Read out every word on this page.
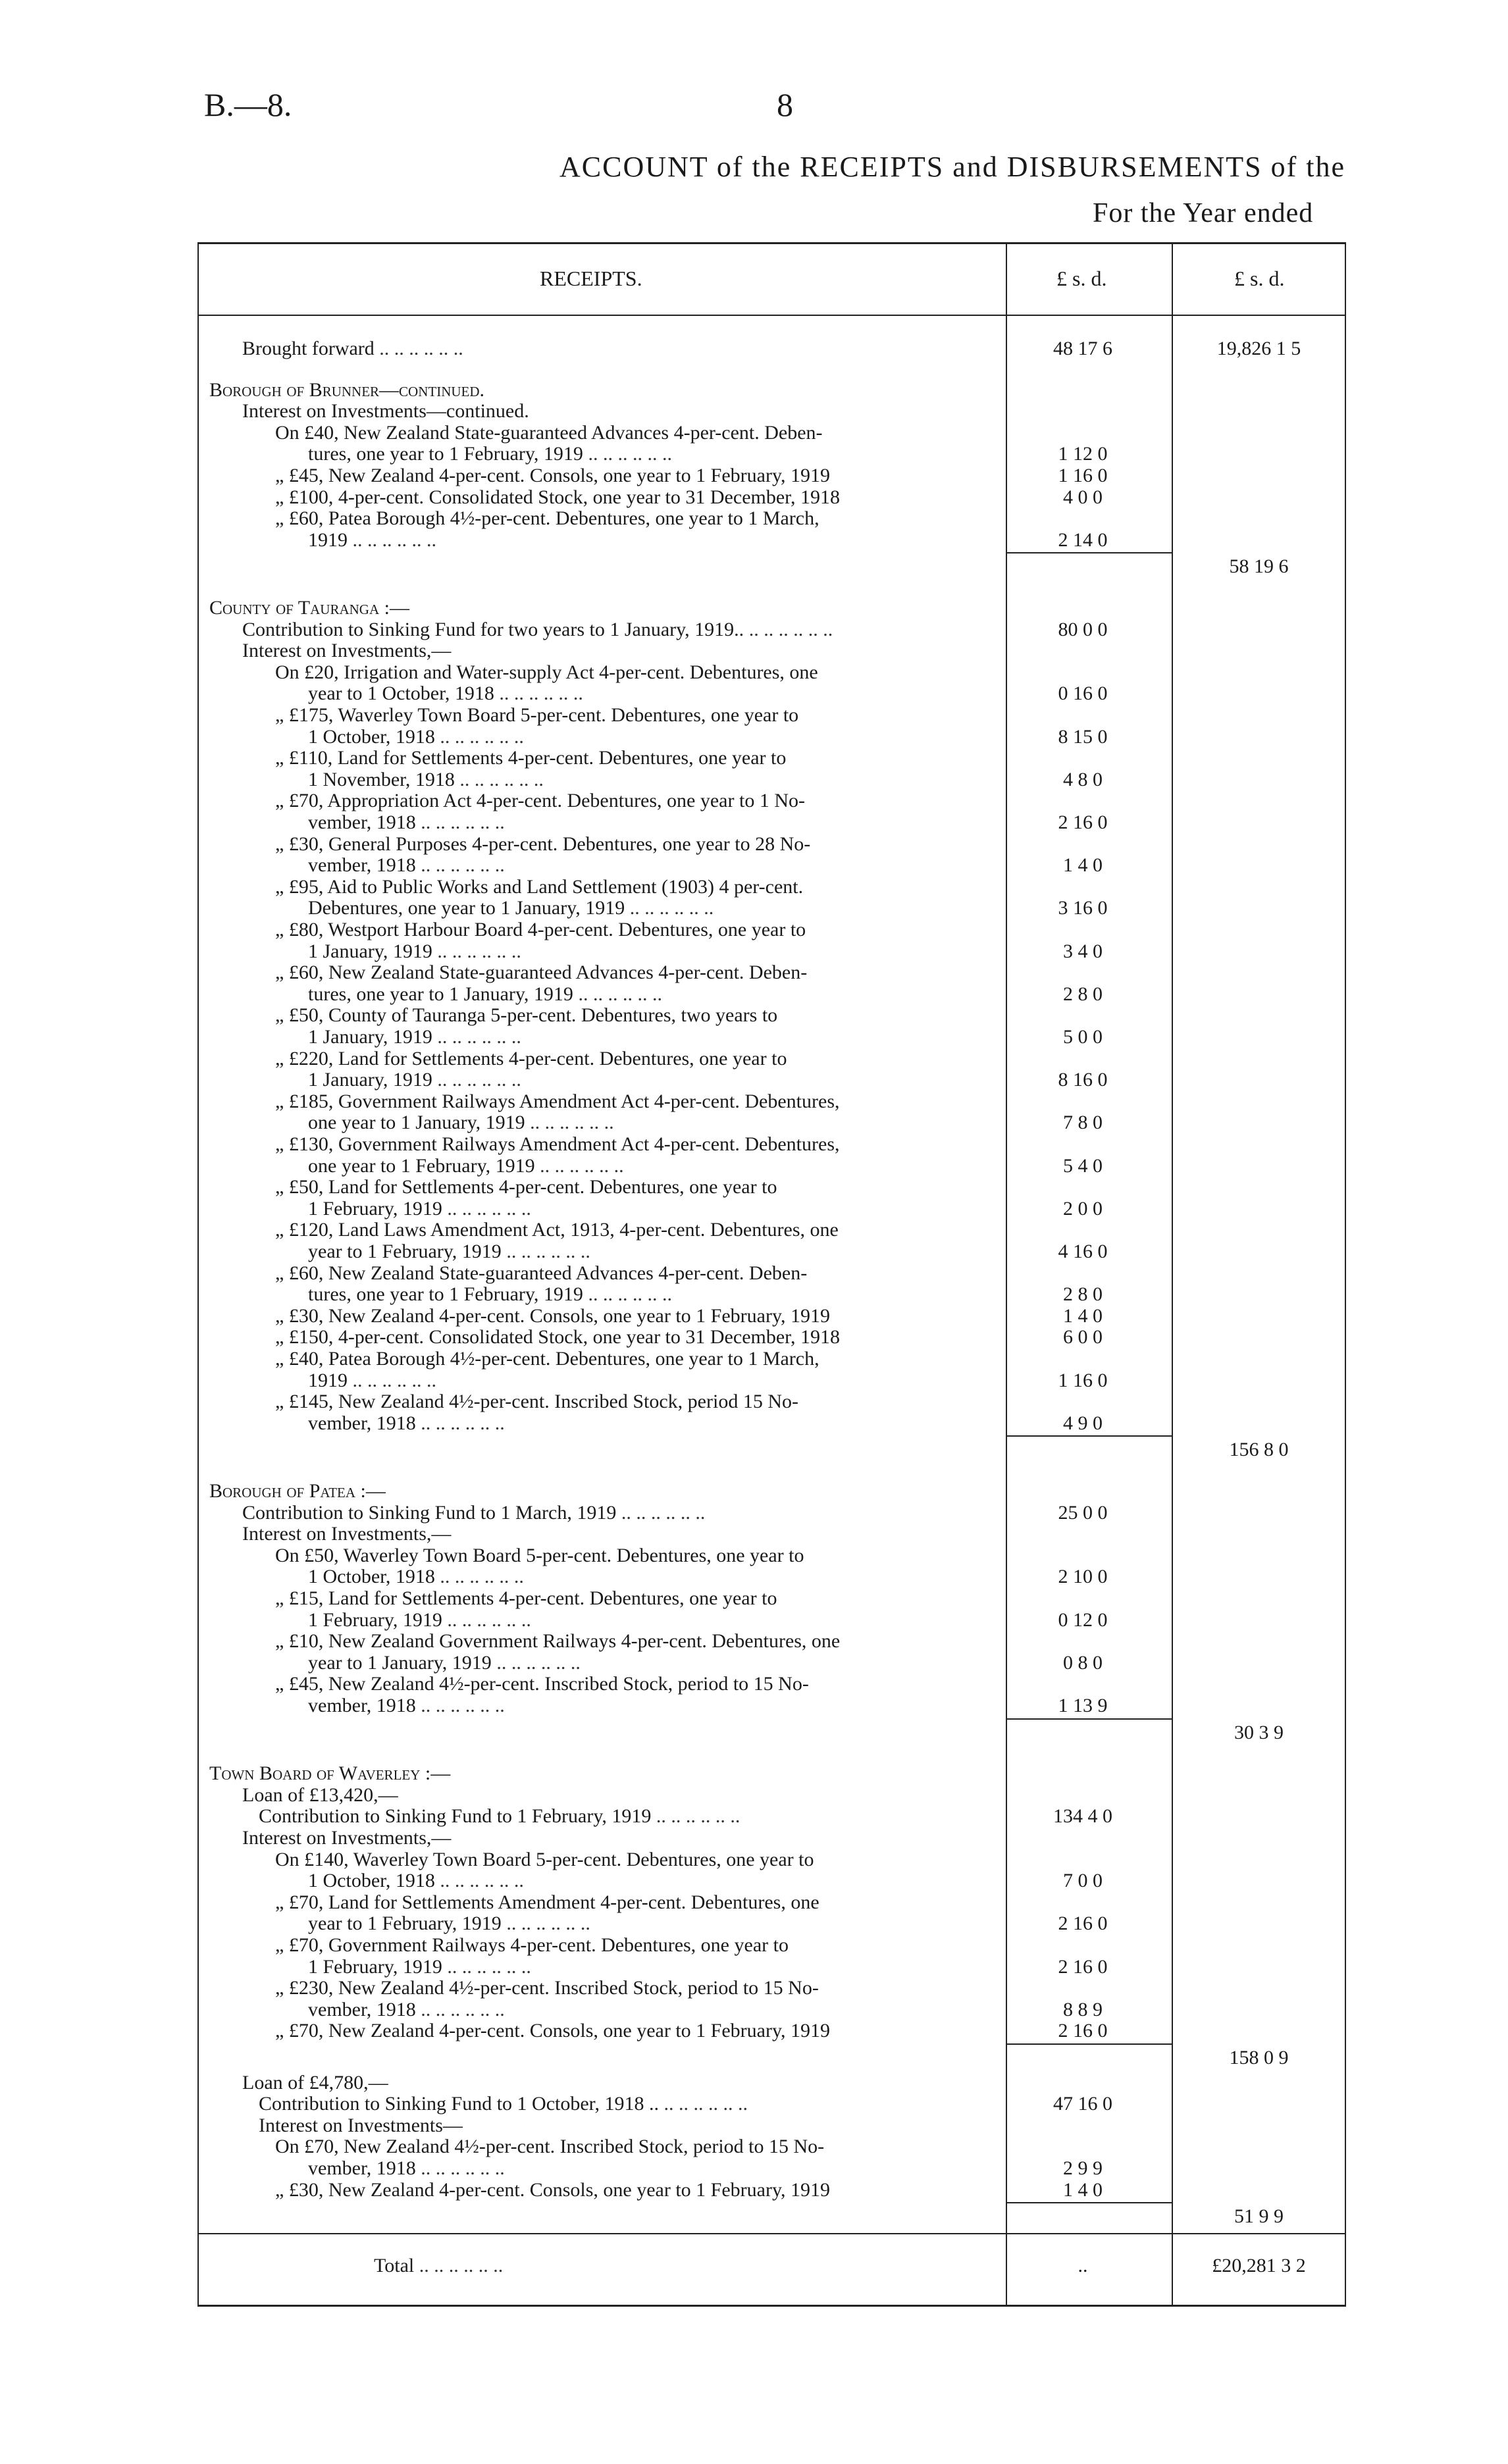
B.—8.	8
ACCOUNT of the RECEIPTS and DISBURSEMENTS of the
For the Year ended
RECEIPTS.	£ s. d.	£ s. d.
Brought forward ..	48 17 6	19,826 1 5
Borough of Brunner—continued.
Interest on Investments—continued.
On £40, New Zealand State-guaranteed Advances 4-per-cent. Deben-
tures, one year to 1 February, 1919 ..	1 12 0
„ £45, New Zealand 4-per-cent. Consols, one year to 1 February, 1919	1 16 0
„ £100, 4-per-cent. Consolidated Stock, one year to 31 December, 1918	4 0 0
„ £60, Patea Borough 4½-per-cent. Debentures, one year to 1 March,
1919 ..	2 14 0
58 19 6
County of Tauranga :—
Contribution to Sinking Fund for two years to 1 January, 1919.. ..	80 0 0
Interest on Investments,—
On £20, Irrigation and Water-supply Act 4-per-cent. Debentures, one
year to 1 October, 1918 ..	0 16 0
„ £175, Waverley Town Board 5-per-cent. Debentures, one year to
1 October, 1918 ..	8 15 0
„ £110, Land for Settlements 4-per-cent. Debentures, one year to
1 November, 1918 ..	4 8 0
„ £70, Appropriation Act 4-per-cent. Debentures, one year to 1 No-
vember, 1918 ..	2 16 0
„ £30, General Purposes 4-per-cent. Debentures, one year to 28 No-
vember, 1918 ..	1 4 0
„ £95, Aid to Public Works and Land Settlement (1903) 4 per-cent.
Debentures, one year to 1 January, 1919 ..	3 16 0
„ £80, Westport Harbour Board 4-per-cent. Debentures, one year to
1 January, 1919 ..	3 4 0
„ £60, New Zealand State-guaranteed Advances 4-per-cent. Deben-
tures, one year to 1 January, 1919 ..	2 8 0
„ £50, County of Tauranga 5-per-cent. Debentures, two years to
1 January, 1919 ..	5 0 0
„ £220, Land for Settlements 4-per-cent. Debentures, one year to
1 January, 1919 ..	8 16 0
„ £185, Government Railways Amendment Act 4-per-cent. Debentures,
one year to 1 January, 1919 ..	7 8 0
„ £130, Government Railways Amendment Act 4-per-cent. Debentures,
one year to 1 February, 1919 ..	5 4 0
„ £50, Land for Settlements 4-per-cent. Debentures, one year to
1 February, 1919 ..	2 0 0
„ £120, Land Laws Amendment Act, 1913, 4-per-cent. Debentures, one
year to 1 February, 1919 ..	4 16 0
„ £60, New Zealand State-guaranteed Advances 4-per-cent. Deben-
tures, one year to 1 February, 1919 ..	2 8 0
„ £30, New Zealand 4-per-cent. Consols, one year to 1 February, 1919	1 4 0
„ £150, 4-per-cent. Consolidated Stock, one year to 31 December, 1918	6 0 0
„ £40, Patea Borough 4½-per-cent. Debentures, one year to 1 March,
1919 ..	1 16 0
„ £145, New Zealand 4½-per-cent. Inscribed Stock, period 15 No-
vember, 1918 ..	4 9 0
156 8 0
Borough of Patea :—
Contribution to Sinking Fund to 1 March, 1919 ..	25 0 0
Interest on Investments,—
On £50, Waverley Town Board 5-per-cent. Debentures, one year to
1 October, 1918 ..	2 10 0
„ £15, Land for Settlements 4-per-cent. Debentures, one year to
1 February, 1919 ..	0 12 0
„ £10, New Zealand Government Railways 4-per-cent. Debentures, one
year to 1 January, 1919 ..	0 8 0
„ £45, New Zealand 4½-per-cent. Inscribed Stock, period to 15 No-
vember, 1918 ..	1 13 9
30 3 9
Town Board of Waverley :—
Loan of £13,420,—
Contribution to Sinking Fund to 1 February, 1919 ..	134 4 0
Interest on Investments,—
On £140, Waverley Town Board 5-per-cent. Debentures, one year to
1 October, 1918 ..	7 0 0
„ £70, Land for Settlements Amendment 4-per-cent. Debentures, one
year to 1 February, 1919 ..	2 16 0
„ £70, Government Railways 4-per-cent. Debentures, one year to
1 February, 1919 ..	2 16 0
„ £230, New Zealand 4½-per-cent. Inscribed Stock, period to 15 No-
vember, 1918 ..	8 8 9
„ £70, New Zealand 4-per-cent. Consols, one year to 1 February, 1919	2 16 0
158 0 9
Loan of £4,780,—
Contribution to Sinking Fund to 1 October, 1918 .. ..	47 16 0
Interest on Investments—
On £70, New Zealand 4½-per-cent. Inscribed Stock, period to 15 No-
vember, 1918 ..	2 9 9
„ £30, New Zealand 4-per-cent. Consols, one year to 1 February, 1919	1 4 0
51 9 9
Total ..	..	£20,281 3 2
